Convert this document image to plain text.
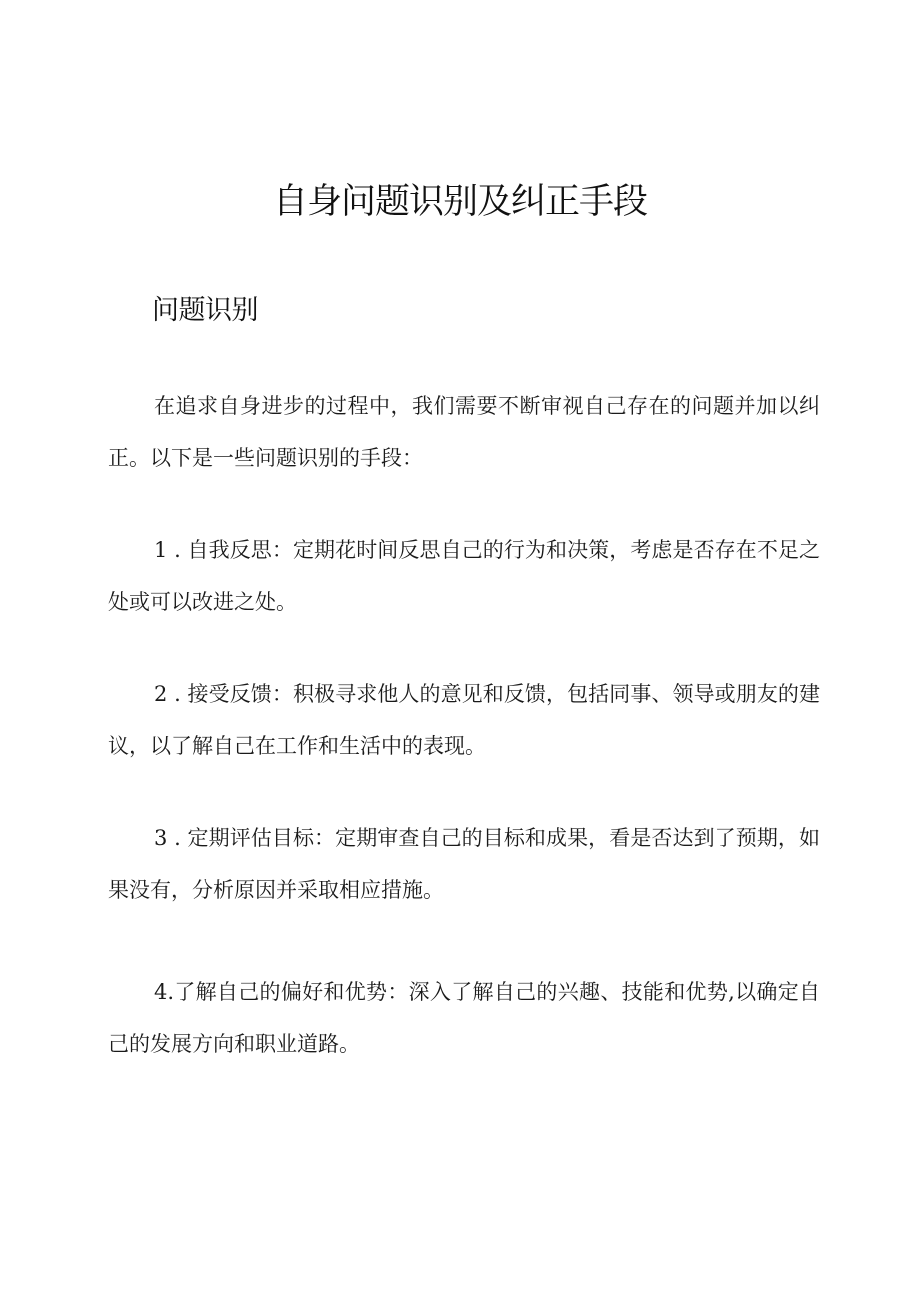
自身问题识别及纠正手段
问题识别

在追求自身进步的过程中，我们需要不断审视自己存在的问题并加以纠正。以下是一些问题识别的手段：

1 . 自我反思：定期花时间反思自己的行为和决策，考虑是否存在不足之处或可以改进之处。

2 . 接受反馈：积极寻求他人的意见和反馈，包括同事、领导或朋友的建议，以了解自己在工作和生活中的表现。

3 . 定期评估目标：定期审查自己的目标和成果，看是否达到了预期，如果没有，分析原因并采取相应措施。

4.了解自己的偏好和优势：深入了解自己的兴趣、技能和优势,以确定自己的发展方向和职业道路。
